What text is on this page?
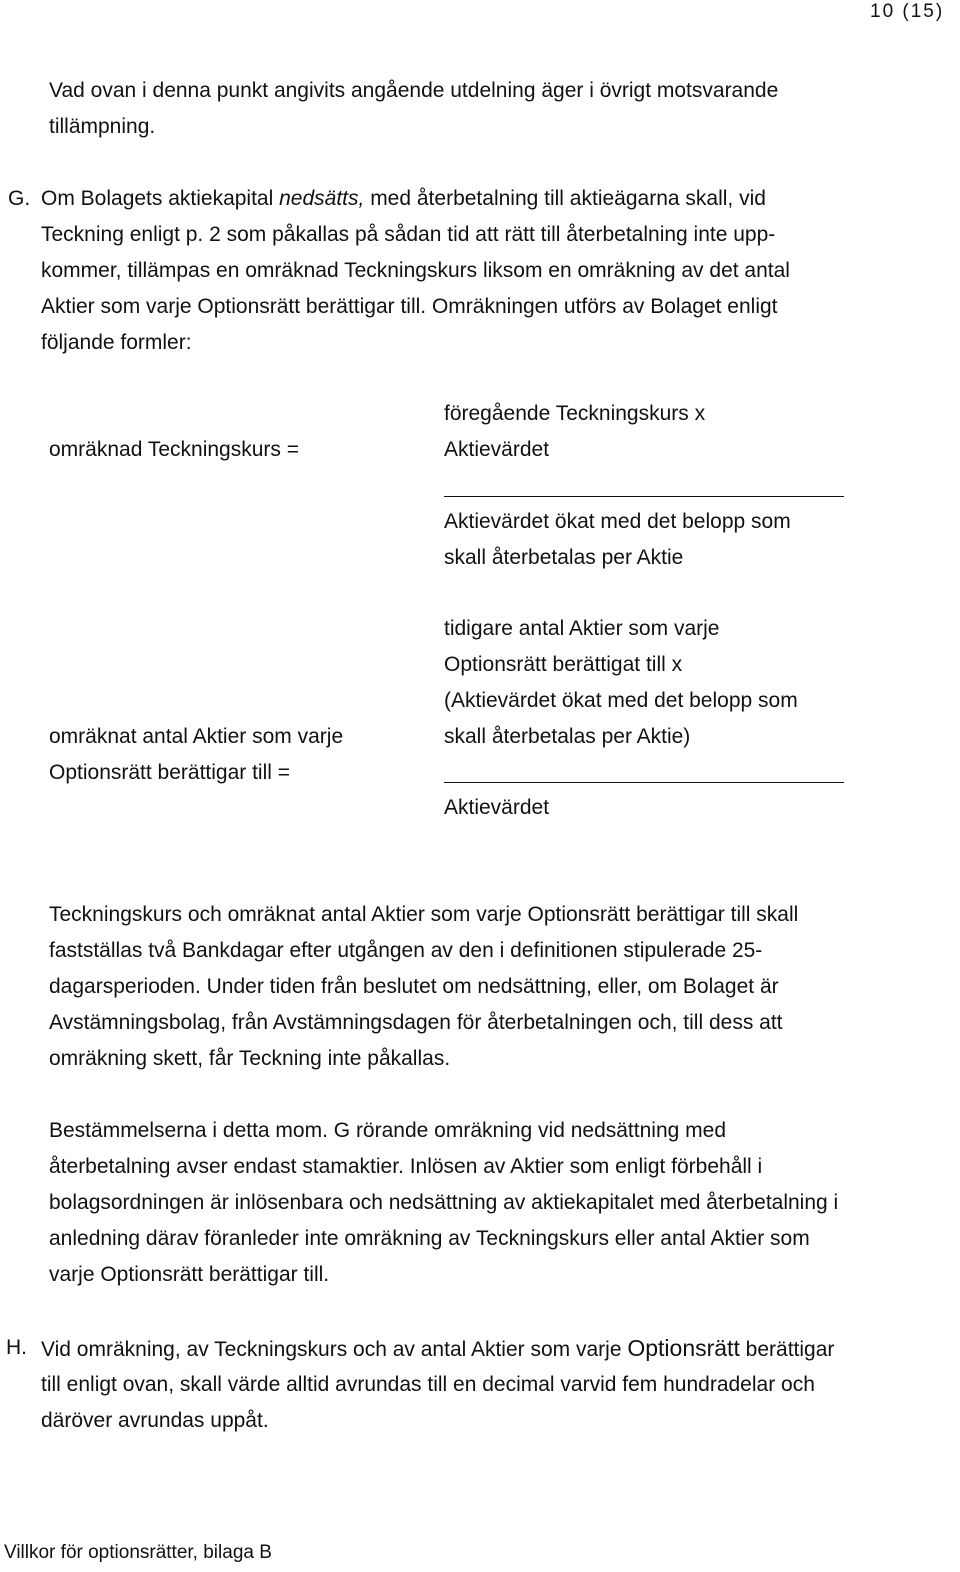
10 (15)
Vad ovan i denna punkt angivits angående utdelning äger i övrigt motsvarande
tillämpning.
G. Om Bolagets aktiekapital nedsätts, med återbetalning till aktieägarna skall, vid
Teckning enligt p. 2 som påkallas på sådan tid att rätt till återbetalning inte upp-
kommer, tillämpas en omräknad Teckningskurs liksom en omräkning av det antal
Aktier som varje Optionsrätt berättigar till. Omräkningen utförs av Bolaget enligt
följande formler:
omräknad Teckningskurs =
föregående Teckningskurs x
Aktievärdet
Aktievärdet ökat med det belopp som
skall återbetalas per Aktie
omräknat antal Aktier som varje
Optionsrätt berättigar till =
tidigare antal Aktier som varje
Optionsrätt berättigat till x
(Aktievärdet ökat med det belopp som
skall återbetalas per Aktie)
Aktievärdet
Teckningskurs och omräknat antal Aktier som varje Optionsrätt berättigar till skall
fastställas två Bankdagar efter utgången av den i definitionen stipulerade 25-
dagarsperioden. Under tiden från beslutet om nedsättning, eller, om Bolaget är
Avstämningsbolag, från Avstämningsdagen för återbetalningen och, till dess att
omräkning skett, får Teckning inte påkallas.
Bestämmelserna i detta mom. G rörande omräkning vid nedsättning med
återbetalning avser endast stamaktier. Inlösen av Aktier som enligt förbehåll i
bolagsordningen är inlösenbara och nedsättning av aktiekapitalet med återbetalning i
anledning därav föranleder inte omräkning av Teckningskurs eller antal Aktier som
varje Optionsrätt berättigar till.
H. Vid omräkning, av Teckningskurs och av antal Aktier som varje Optionsrätt berättigar
till enligt ovan, skall värde alltid avrundas till en decimal varvid fem hundradelar och
däröver avrundas uppåt.
Villkor för optionsrätter, bilaga B
